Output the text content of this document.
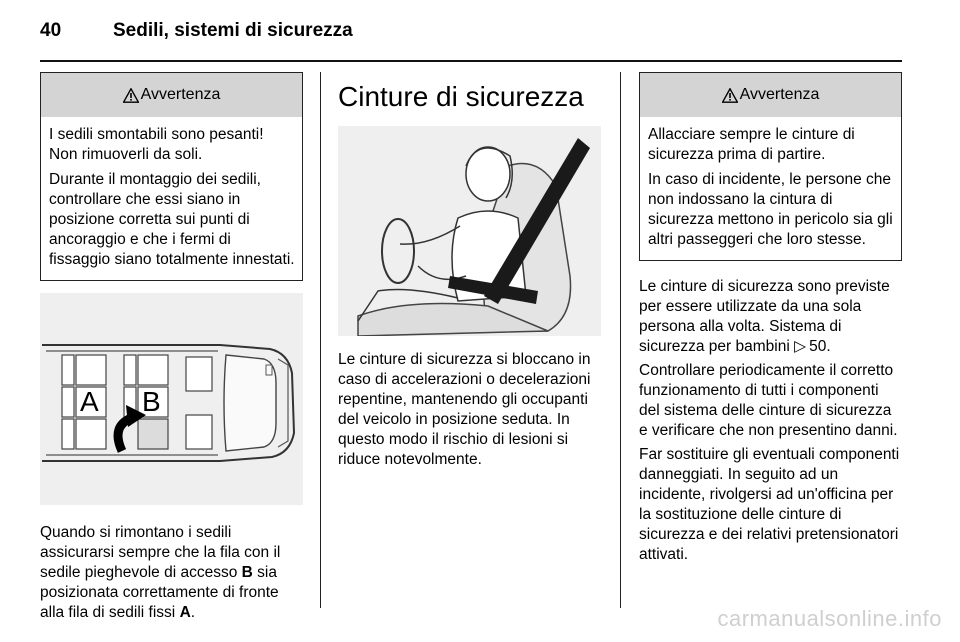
40	Sedili, sistemi di sicurezza
Avvertenza

I sedili smontabili sono pesanti! Non rimuoverli da soli.

Durante il montaggio dei sedili, controllare che essi siano in posizione corretta sui punti di ancoraggio e che i fermi di fissaggio siano totalmente innestati.

A B

Quando si rimontano i sedili assicurarsi sempre che la fila con il sedile pieghevole di accesso B sia posizionata correttamente di fronte alla fila di sedili fissi A.

Cinture di sicurezza

Le cinture di sicurezza si bloccano in caso di accelerazioni o decelerazioni repentine, mantenendo gli occupanti del veicolo in posizione seduta. In questo modo il rischio di lesioni si riduce notevolmente.

Avvertenza

Allacciare sempre le cinture di sicurezza prima di partire.

In caso di incidente, le persone che non indossano la cintura di sicurezza mettono in pericolo sia gli altri passeggeri che loro stesse.

Le cinture di sicurezza sono previste per essere utilizzate da una sola persona alla volta. Sistema di sicurezza per bambini ▷  50.

Controllare periodicamente il corretto funzionamento di tutti i componenti del sistema delle cinture di sicurezza e verificare che non presentino danni.

Far sostituire gli eventuali componenti danneggiati. In seguito ad un incidente, rivolgersi ad un'officina per la sostituzione delle cinture di sicurezza e dei relativi pretensionatori attivati.

carmanualsonline.info
